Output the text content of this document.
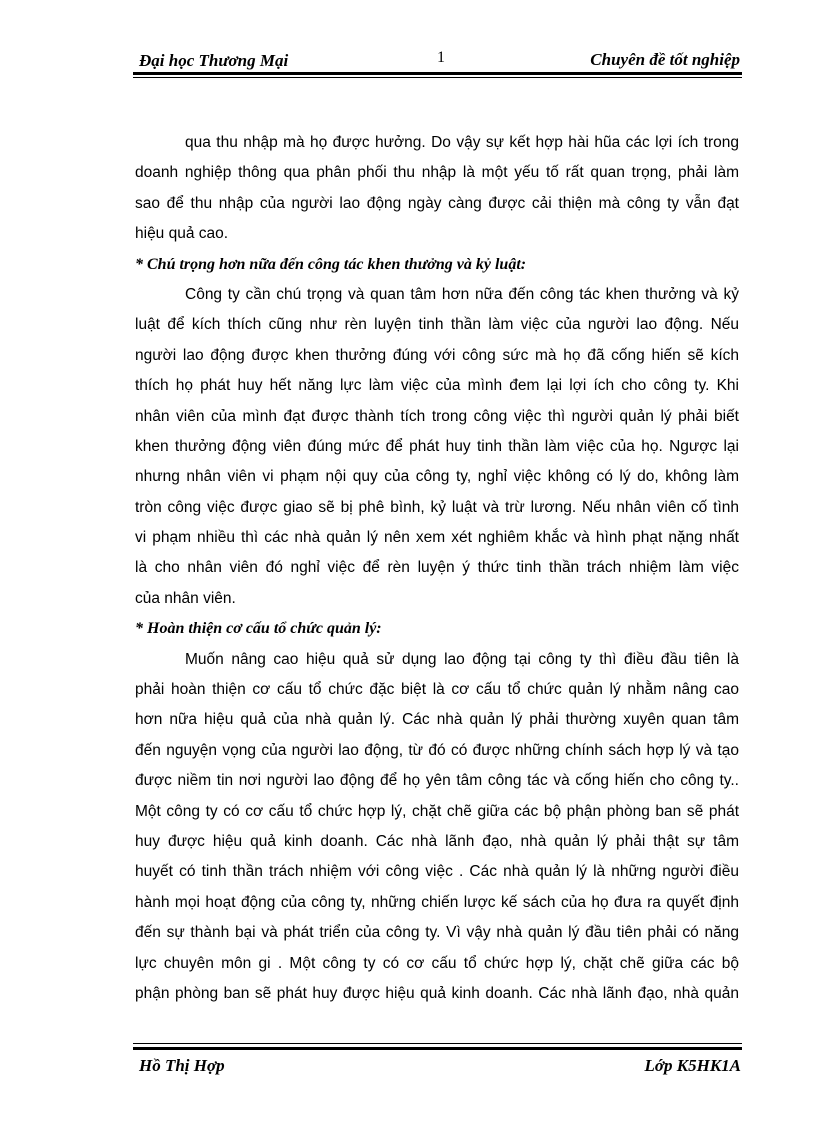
Đại học Thương Mại	1	Chuyên đề tốt nghiệp
qua thu nhập mà họ được hưởng. Do vậy sự kết hợp hài hũa các lợi ích trong
doanh nghiệp thông qua phân phối thu nhập là một yếu tố rất quan trọng, phải làm
sao để thu nhập của người lao động ngày càng được cải thiện mà công ty vẫn đạt
hiệu quả cao.
* Chú trọng hơn nữa đến công tác khen thưởng và kỷ luật:
Công ty cần chú trọng và quan tâm hơn nữa đến công tác khen thưởng và kỷ
luật để kích thích cũng như rèn luyện tinh thần làm việc của người lao động. Nếu
người lao động được khen thưởng đúng với công sức mà họ đã cống hiến sẽ kích
thích họ phát huy hết năng lực làm việc của mình đem lại lợi ích cho công ty. Khi
nhân viên của mình đạt được thành tích trong công việc thì người quản lý phải biết
khen thưởng động viên đúng mức để phát huy tinh thần làm việc của họ. Ngược lại
nhưng nhân viên vi phạm nội quy của công ty, nghỉ việc không có lý do, không làm
tròn công việc được giao sẽ bị phê bình, kỷ luật và trừ lương. Nếu nhân viên cố tình
vi phạm nhiều thì các nhà quản lý nên xem xét nghiêm khắc và hình phạt nặng nhất
là cho nhân viên đó nghỉ việc để rèn luyện ý thức tinh thần trách nhiệm làm việc
của nhân viên.
* Hoàn thiện cơ cấu tổ chức quản lý:
Muốn nâng cao hiệu quả sử dụng lao động tại công ty thì điều đầu tiên là
phải hoàn thiện cơ cấu tổ chức đặc biệt là cơ cấu tổ chức quản lý nhằm nâng cao
hơn nữa hiệu quả của nhà quản lý. Các nhà quản lý phải thường xuyên quan tâm
đến nguyện vọng của người lao động, từ đó có được những chính sách hợp lý và tạo
được niềm tin nơi người lao động để họ yên tâm công tác và cống hiến cho công ty..
Một công ty có cơ cấu tổ chức hợp lý, chặt chẽ giữa các bộ phận phòng ban sẽ phát
huy được hiệu quả kinh doanh. Các nhà lãnh đạo, nhà quản lý phải thật sự tâm
huyết có tinh thần trách nhiệm với công việc . Các nhà quản lý là những người điều
hành mọi hoạt động của công ty, những chiến lược kế sách của họ đưa ra quyết định
đến sự thành bại và phát triển của công ty. Vì vậy nhà quản lý đầu tiên phải có năng
lực chuyên môn gi . Một công ty có cơ cấu tổ chức hợp lý, chặt chẽ giữa các bộ
phận phòng ban sẽ phát huy được hiệu quả kinh doanh. Các nhà lãnh đạo, nhà quản
Hồ Thị Hợp	Lớp K5HK1A
